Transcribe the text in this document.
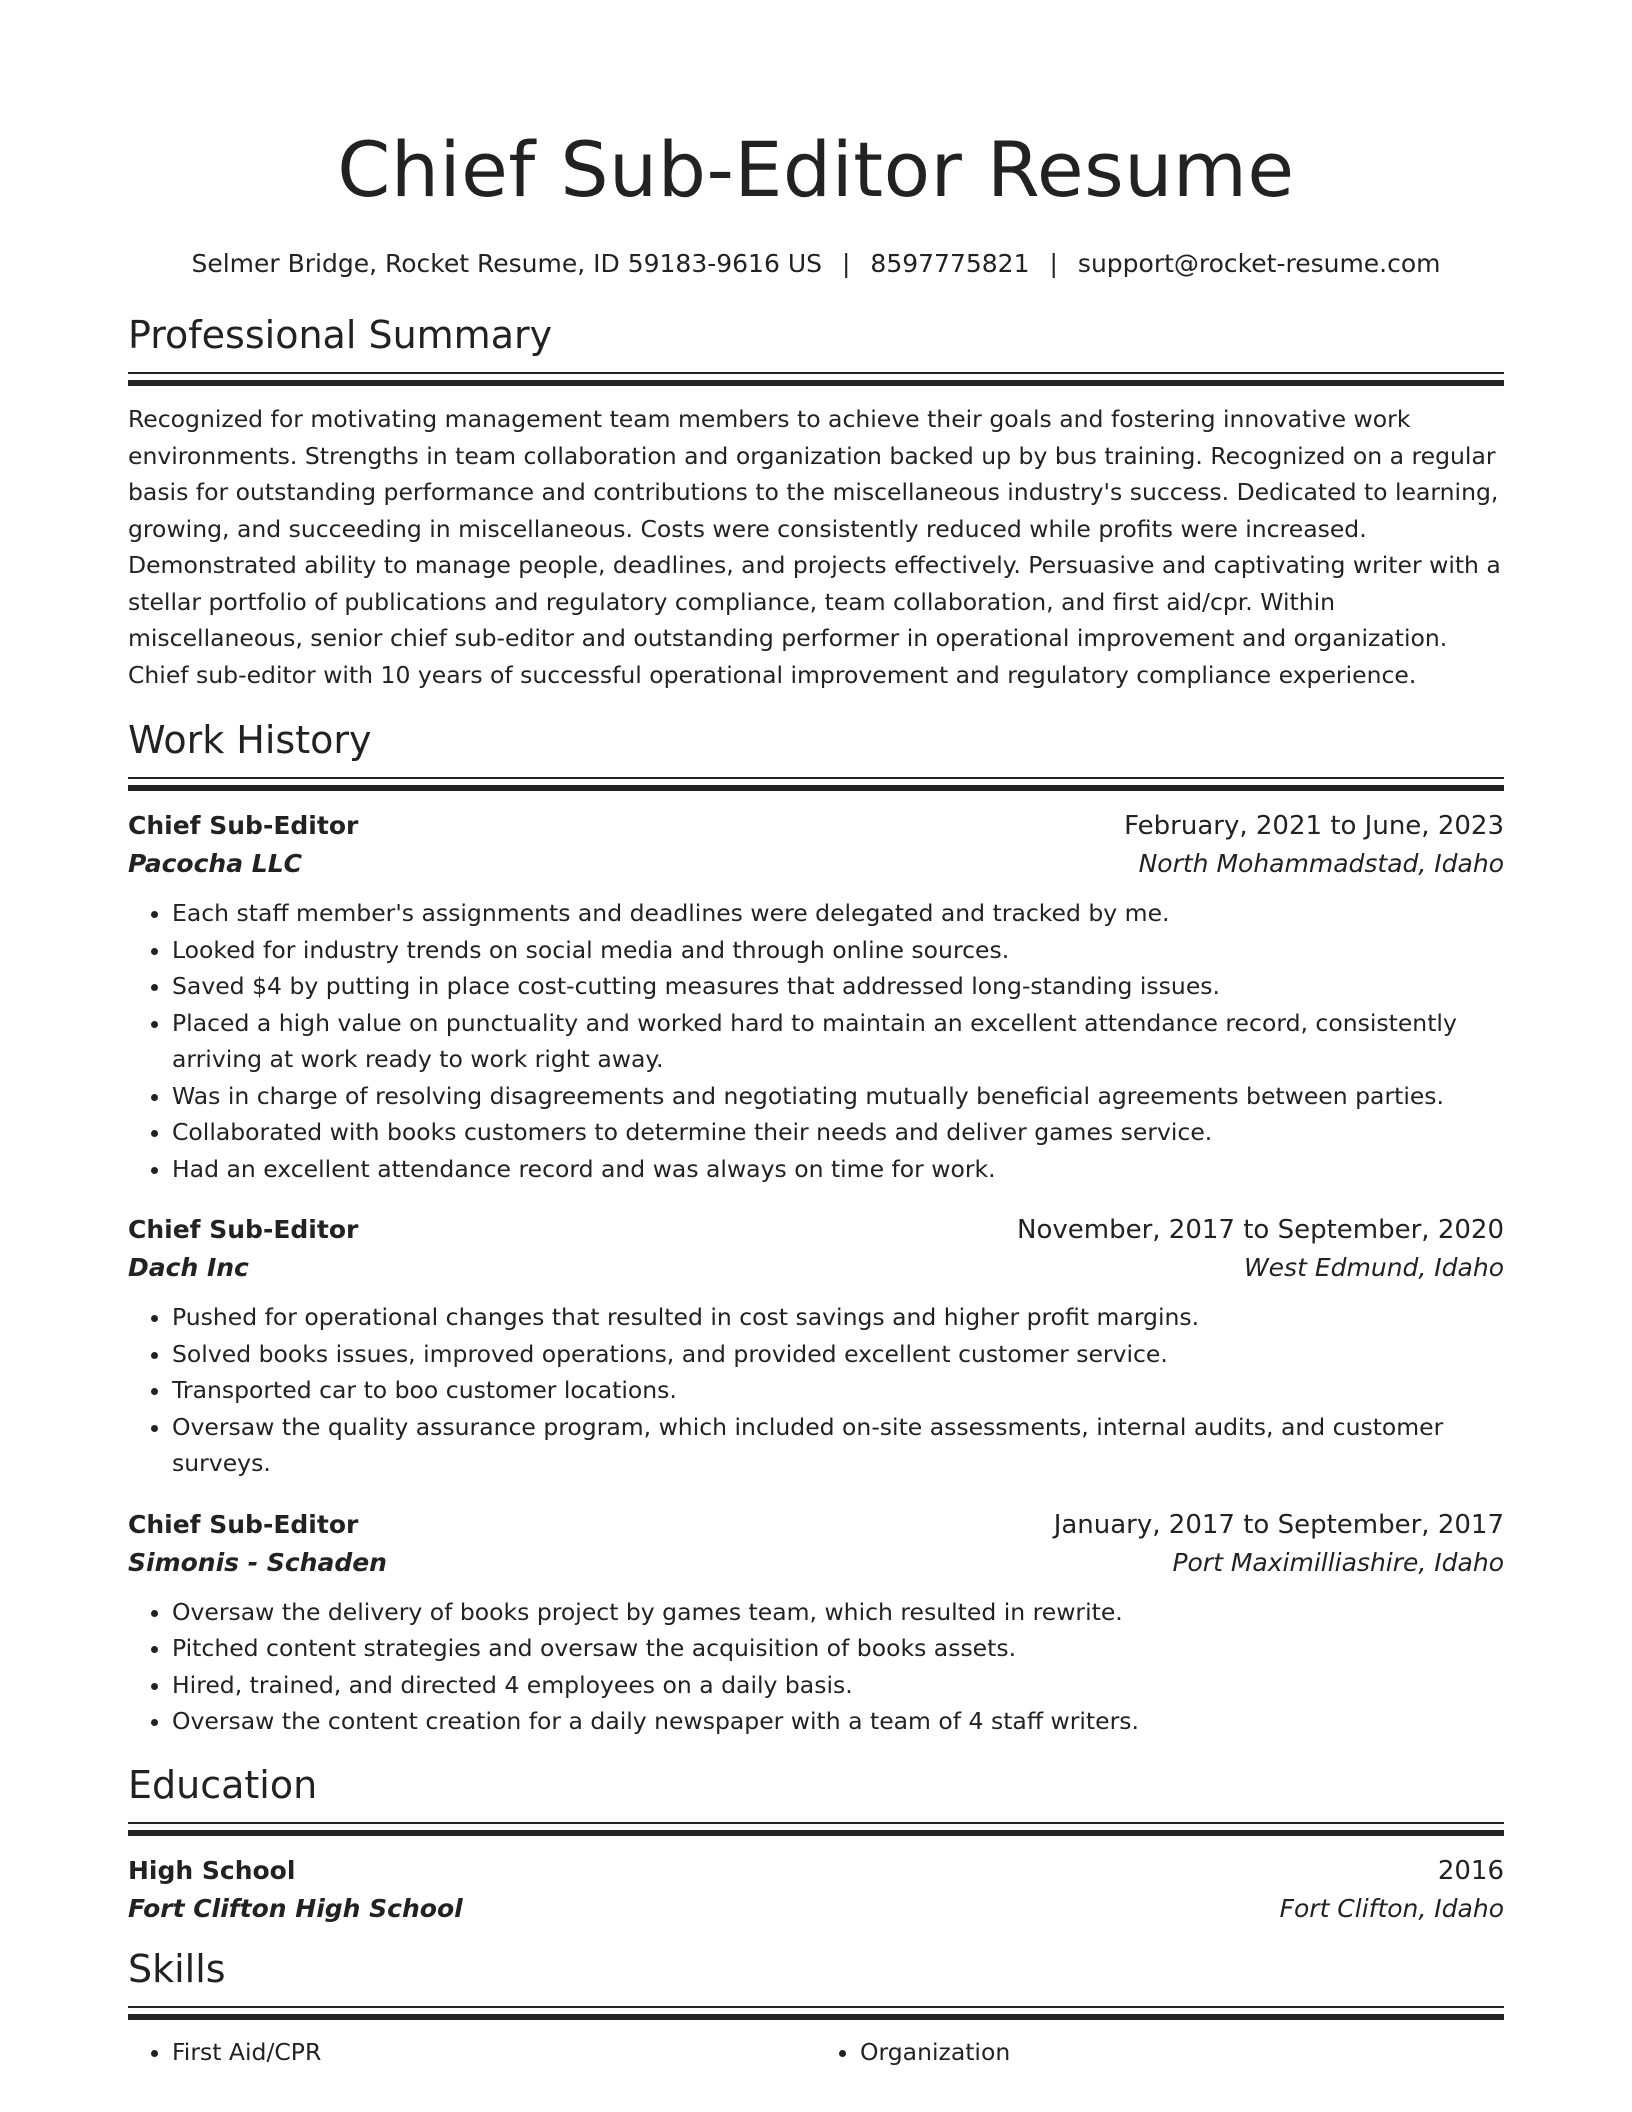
Chief Sub-Editor Resume
Selmer Bridge, Rocket Resume, ID 59183-9616 US | 8597775821 | support@rocket-resume.com
Professional Summary
Recognized for motivating management team members to achieve their goals and fostering innovative work environments. Strengths in team collaboration and organization backed up by bus training. Recognized on a regular basis for outstanding performance and contributions to the miscellaneous industry's success. Dedicated to learning, growing, and succeeding in miscellaneous. Costs were consistently reduced while profits were increased. Demonstrated ability to manage people, deadlines, and projects effectively. Persuasive and captivating writer with a stellar portfolio of publications and regulatory compliance, team collaboration, and first aid/cpr. Within miscellaneous, senior chief sub-editor and outstanding performer in operational improvement and organization. Chief sub-editor with 10 years of successful operational improvement and regulatory compliance experience.
Work History
Chief Sub-Editor	February, 2021 to June, 2023
Pacocha LLC	North Mohammadstad, Idaho
• Each staff member's assignments and deadlines were delegated and tracked by me.
• Looked for industry trends on social media and through online sources.
• Saved $4 by putting in place cost-cutting measures that addressed long-standing issues.
• Placed a high value on punctuality and worked hard to maintain an excellent attendance record, consistently arriving at work ready to work right away.
• Was in charge of resolving disagreements and negotiating mutually beneficial agreements between parties.
• Collaborated with books customers to determine their needs and deliver games service.
• Had an excellent attendance record and was always on time for work.
Chief Sub-Editor	November, 2017 to September, 2020
Dach Inc	West Edmund, Idaho
• Pushed for operational changes that resulted in cost savings and higher profit margins.
• Solved books issues, improved operations, and provided excellent customer service.
• Transported car to boo customer locations.
• Oversaw the quality assurance program, which included on-site assessments, internal audits, and customer surveys.
Chief Sub-Editor	January, 2017 to September, 2017
Simonis - Schaden	Port Maximilliashire, Idaho
• Oversaw the delivery of books project by games team, which resulted in rewrite.
• Pitched content strategies and oversaw the acquisition of books assets.
• Hired, trained, and directed 4 employees on a daily basis.
• Oversaw the content creation for a daily newspaper with a team of 4 staff writers.
Education
High School	2016
Fort Clifton High School	Fort Clifton, Idaho
Skills
• First Aid/CPR
•	Organization
